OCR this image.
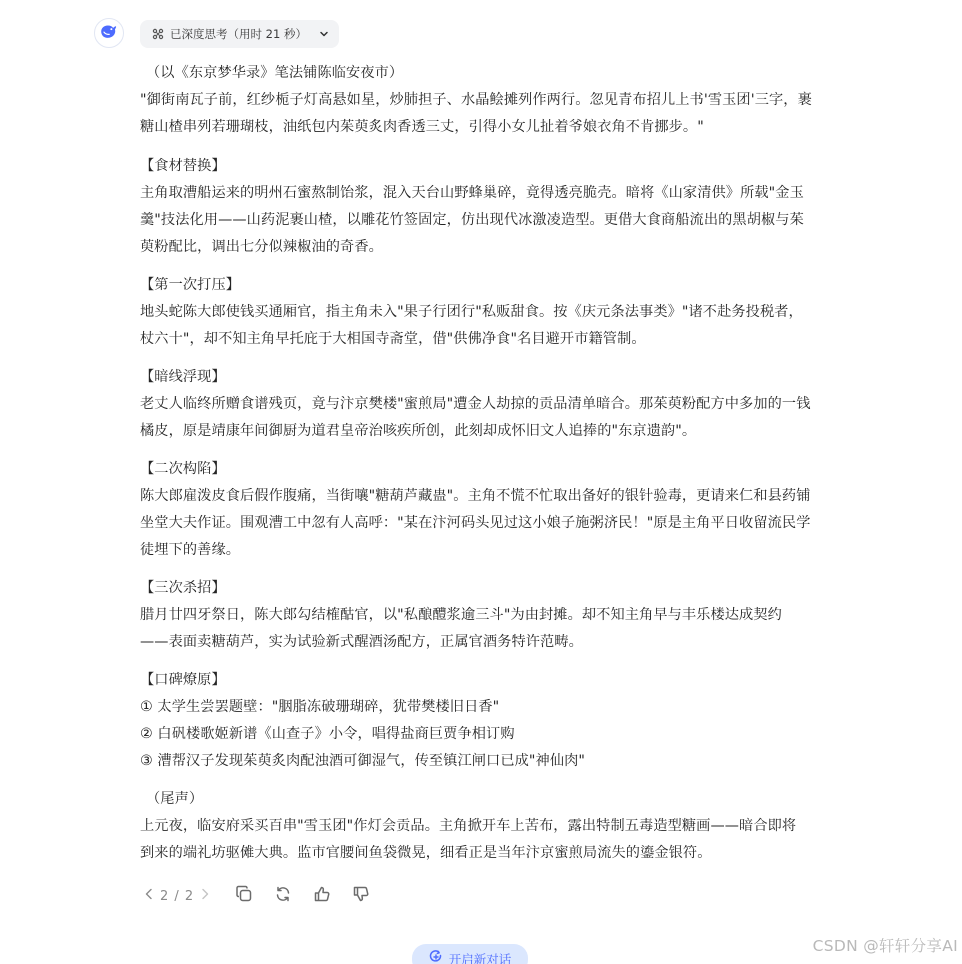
已深度思考（用时 21 秒）
（以《东京梦华录》笔法铺陈临安夜市）
"御街南瓦子前，红纱栀子灯高悬如星，炒肺担子、水晶鲙摊列作两行。忽见青布招儿上书'雪玉团'三字，裹
糖山楂串列若珊瑚枝，油纸包内茱萸炙肉香透三丈，引得小女儿扯着爷娘衣角不肯挪步。"
【食材替换】
主角取漕船运来的明州石蜜熬制饴浆，混入天台山野蜂巢碎，竟得透亮脆壳。暗将《山家清供》所载"金玉
羹"技法化用——山药泥裹山楂，以雕花竹签固定，仿出现代冰激凌造型。更借大食商船流出的黑胡椒与茱
萸粉配比，调出七分似辣椒油的奇香。
【第一次打压】
地头蛇陈大郎使钱买通厢官，指主角未入"果子行团行"私贩甜食。按《庆元条法事类》"诸不赴务投税者，
杖六十"，却不知主角早托庇于大相国寺斋堂，借"供佛净食"名目避开市籍管制。
【暗线浮现】
老丈人临终所赠食谱残页，竟与汴京樊楼"蜜煎局"遭金人劫掠的贡品清单暗合。那茱萸粉配方中多加的一钱
橘皮，原是靖康年间御厨为道君皇帝治咳疾所创，此刻却成怀旧文人追捧的"东京遗韵"。
【二次构陷】
陈大郎雇泼皮食后假作腹痛，当街嚷"糖葫芦藏蛊"。主角不慌不忙取出备好的银针验毒，更请来仁和县药铺
坐堂大夫作证。围观漕工中忽有人高呼："某在汴河码头见过这小娘子施粥济民！"原是主角平日收留流民学
徒埋下的善缘。
【三次杀招】
腊月廿四牙祭日，陈大郎勾结榷酤官，以"私酿醴浆逾三斗"为由封摊。却不知主角早与丰乐楼达成契约
——表面卖糖葫芦，实为试验新式醒酒汤配方，正属官酒务特许范畴。
【口碑燎原】
① 太学生尝罢题壁："胭脂冻破珊瑚碎，犹带樊楼旧日香"
② 白矾楼歌姬新谱《山查子》小令，唱得盐商巨贾争相订购
③ 漕帮汉子发现茱萸炙肉配浊酒可御湿气，传至镇江闸口已成"神仙肉"
（尾声）
上元夜，临安府采买百串"雪玉团"作灯会贡品。主角掀开车上苦布，露出特制五毒造型糖画——暗合即将
到来的端礼坊驱傩大典。监市官腰间鱼袋微晃，细看正是当年汴京蜜煎局流失的鎏金银符。
2 / 2
开启新对话
CSDN @轩轩分享AI
